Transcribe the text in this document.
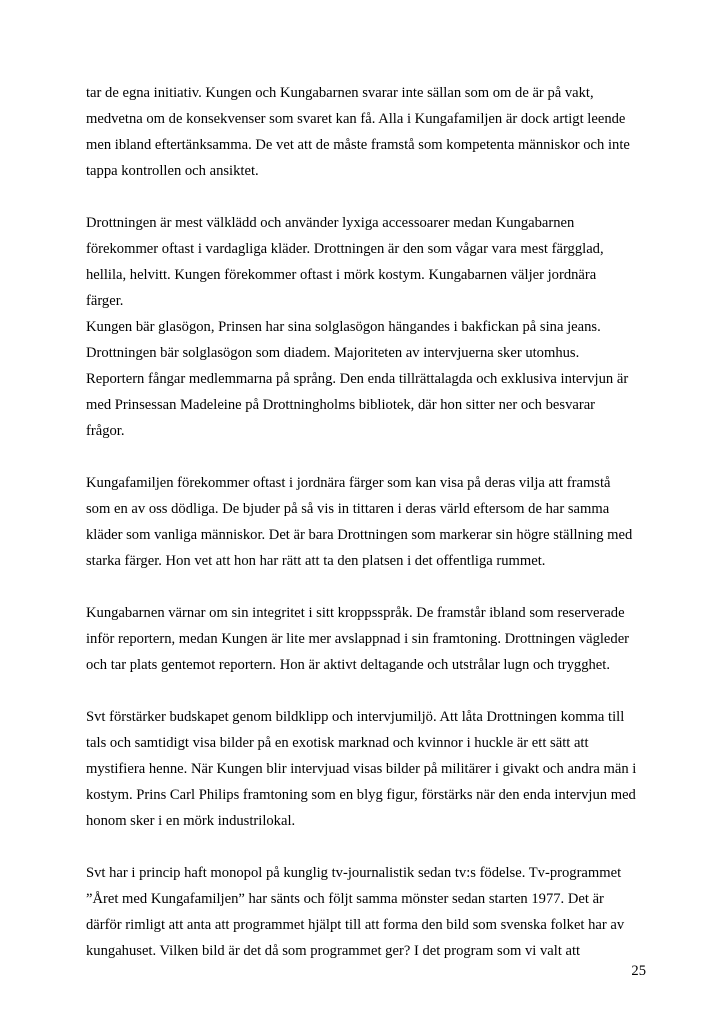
tar de egna initiativ. Kungen och Kungabarnen svarar inte sällan som om de är på vakt,
medvetna om de konsekvenser som svaret kan få. Alla i Kungafamiljen är dock artigt leende
men ibland eftertänksamma. De vet att de måste framstå som kompetenta människor och inte
tappa kontrollen och ansiktet.
Drottningen är mest välklädd och använder lyxiga accessoarer medan Kungabarnen
förekommer oftast i vardagliga kläder. Drottningen är den som vågar vara mest färgglad,
hellila, helvitt. Kungen förekommer oftast i mörk kostym. Kungabarnen väljer jordnära
färger.
Kungen bär glasögon, Prinsen har sina solglasögon hängandes i bakfickan på sina jeans.
Drottningen bär solglasögon som diadem. Majoriteten av intervjuerna sker utomhus.
Reportern fångar medlemmarna på språng. Den enda tillrättalagda och exklusiva intervjun är
med Prinsessan Madeleine på Drottningholms bibliotek, där hon sitter ner och besvarar
frågor.
Kungafamiljen förekommer oftast i jordnära färger som kan visa på deras vilja att framstå
som en av oss dödliga. De bjuder på så vis in tittaren i deras värld eftersom de har samma
kläder som vanliga människor. Det är bara Drottningen som markerar sin högre ställning med
starka färger. Hon vet att hon har rätt att ta den platsen i det offentliga rummet.
Kungabarnen värnar om sin integritet i sitt kroppsspråk. De framstår ibland som reserverade
inför reportern, medan Kungen är lite mer avslappnad i sin framtoning. Drottningen vägleder
och tar plats gentemot reportern. Hon är aktivt deltagande och utstrålar lugn och trygghet.
Svt förstärker budskapet genom bildklipp och intervjumiljö. Att låta Drottningen komma till
tals och samtidigt visa bilder på en exotisk marknad och kvinnor i huckle är ett sätt att
mystifiera henne. När Kungen blir intervjuad visas bilder på militärer i givakt och andra män i
kostym. Prins Carl Philips framtoning som en blyg figur, förstärks när den enda intervjun med
honom sker i en mörk industrilokal.
Svt har i princip haft monopol på kunglig tv-journalistik sedan tv:s födelse. Tv-programmet
”Året med Kungafamiljen” har sänts och följt samma mönster sedan starten 1977. Det är
därför rimligt att anta att programmet hjälpt till att forma den bild som svenska folket har av
kungahuset. Vilken bild är det då som programmet ger? I det program som vi valt att
25
